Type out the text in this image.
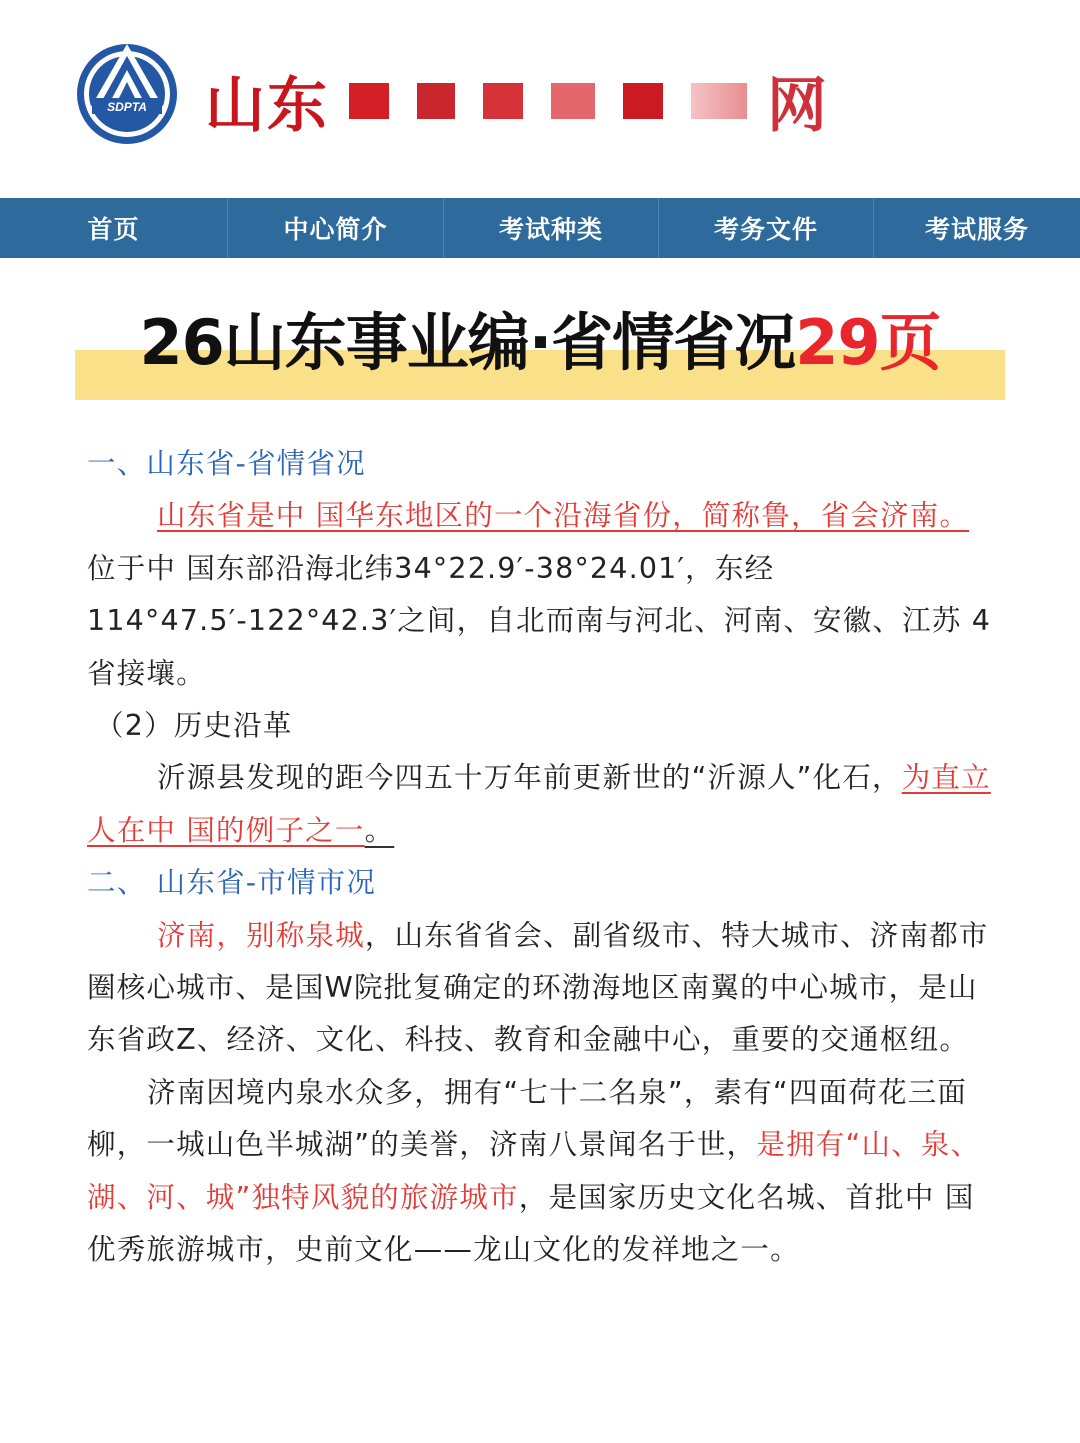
SDPTA 山东	网
首页	中心简介	考试种类	考务文件	考试服务
26山东事业编·省情省况29页

一、山东省-省情省况

山东省是中 国华东地区的一个沿海省份，简称鲁，省会济南。位于中 国东部沿海北纬34°22.9′-38°24.01′，东经114°47.5′-122°42.3′之间，自北而南与河北、河南、安徽、江苏 4 省接壤。

（2）历史沿革

沂源县发现的距今四五十万年前更新世的“沂源人”化石，为直立人在中 国的例子之一。

二、 山东省-市情市况

济南，别称泉城，山东省省会、副省级市、特大城市、济南都市圈核心城市、是国W院批复确定的环渤海地区南翼的中心城市，是山东省政Z、经济、文化、科技、教育和金融中心，重要的交通枢纽。

济南因境内泉水众多，拥有“七十二名泉”，素有“四面荷花三面柳，一城山色半城湖”的美誉，济南八景闻名于世，是拥有“山、泉、湖、河、城”独特风貌的旅游城市，是国家历史文化名城、首批中 国优秀旅游城市，史前文化——龙山文化的发祥地之一。
